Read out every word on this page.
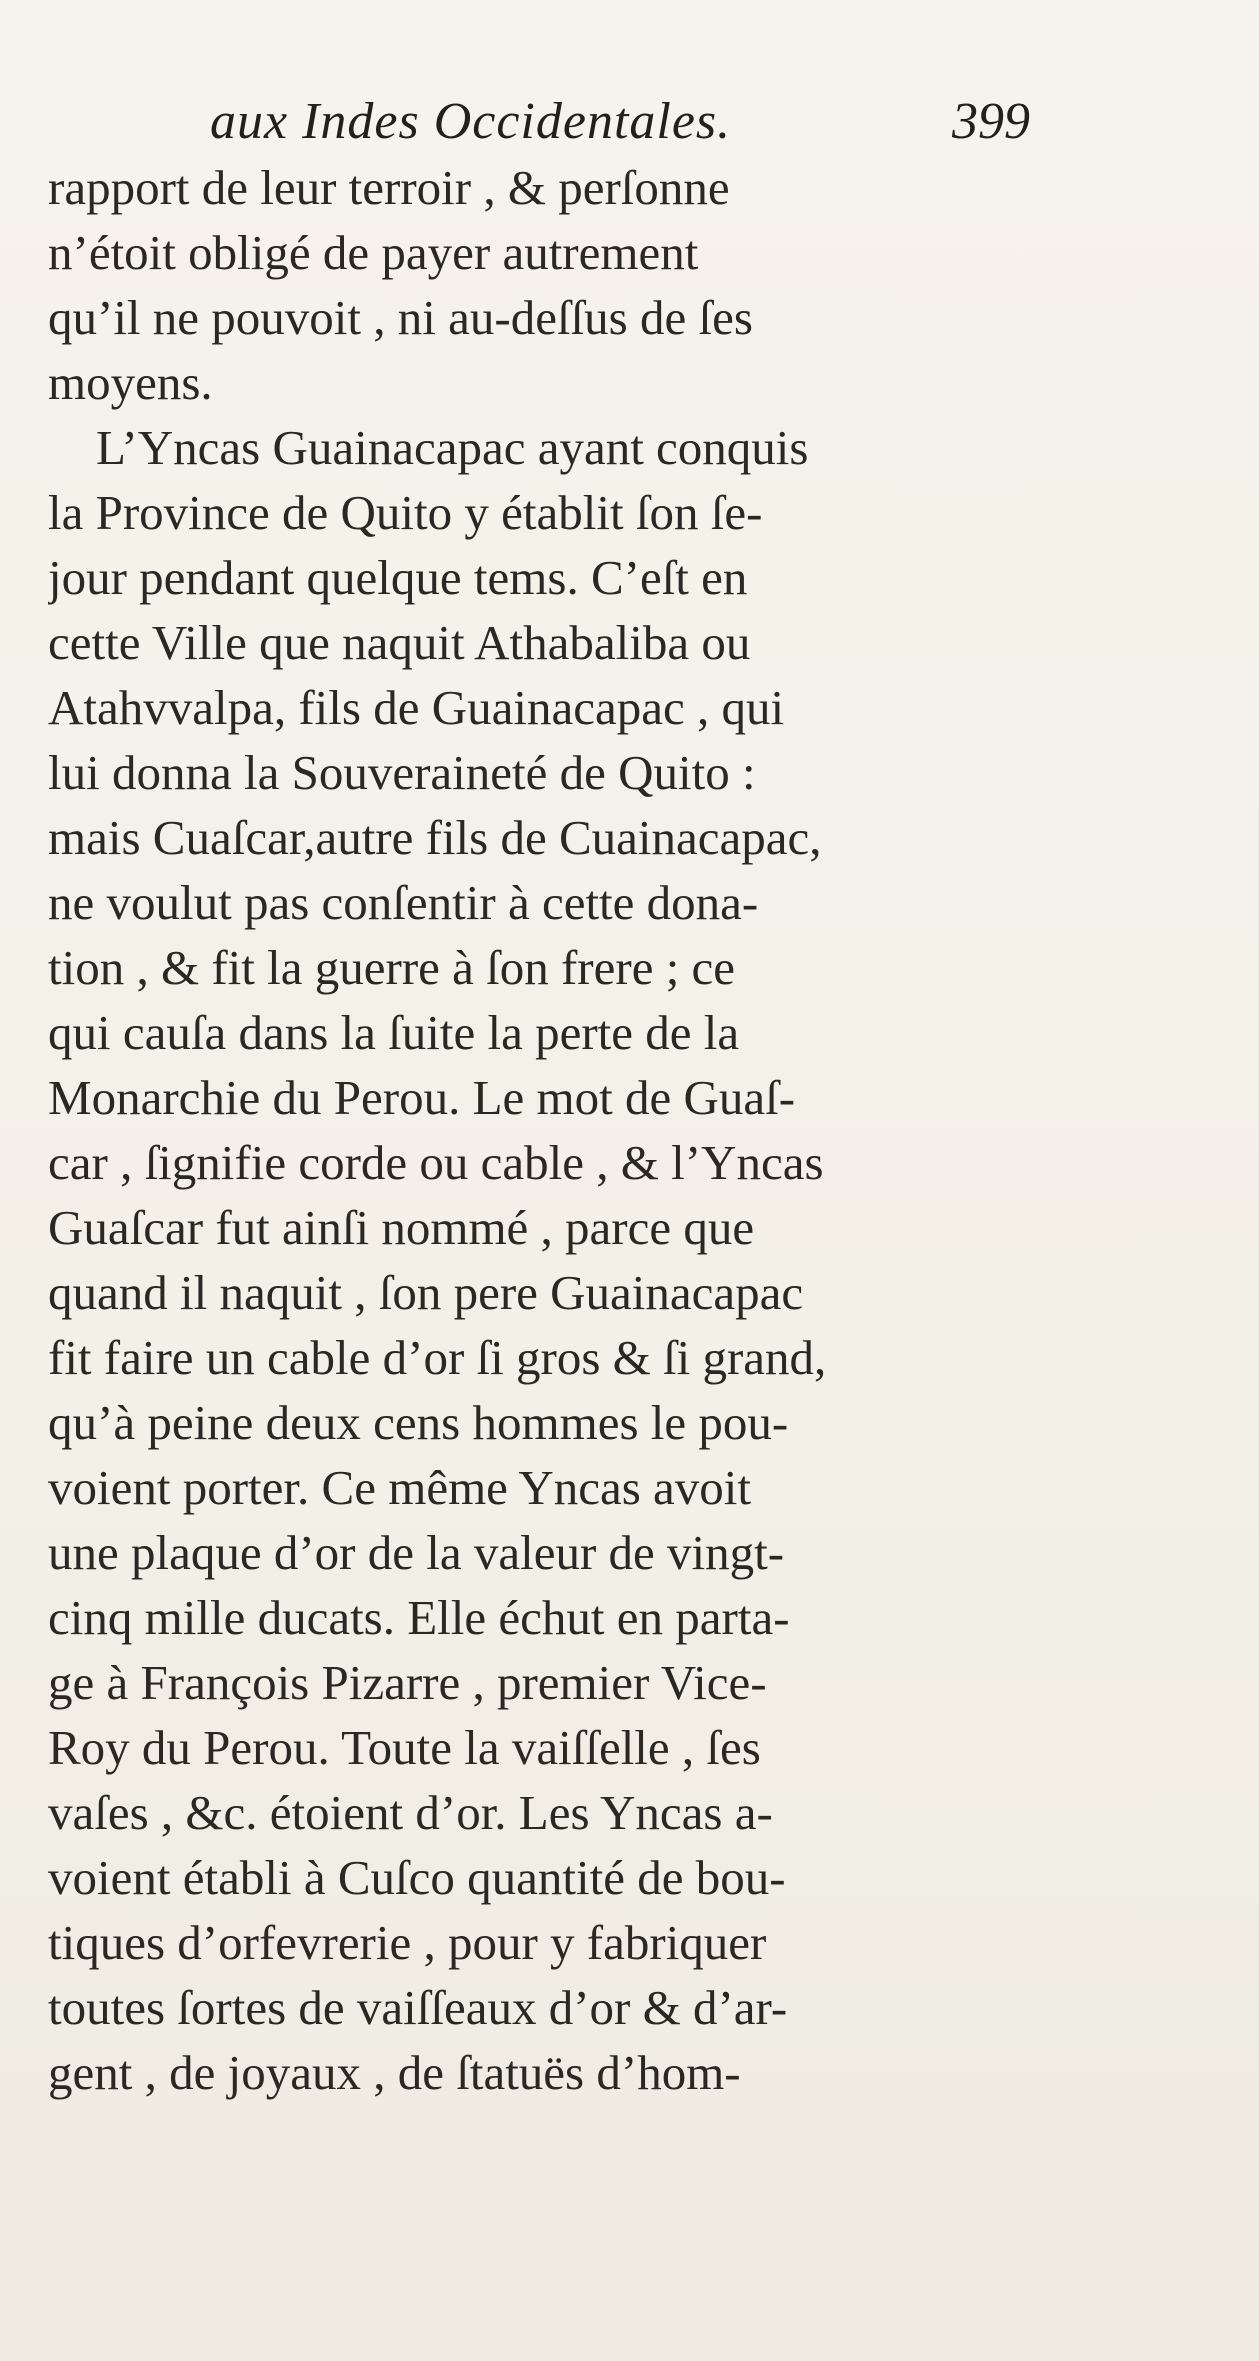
aux Indes Occidentales.	399
rapport de leur terroir , & perſonne
n’étoit obligé de payer autrement
qu’il ne pouvoit , ni au-deſſus de ſes
moyens.
L’Yncas Guainacapac ayant conquis
la Province de Quito y établit ſon ſe-
jour pendant quelque tems. C’eſt en
cette Ville que naquit Athabaliba ou
Atahvvalpa, fils de Guainacapac , qui
lui donna la Souveraineté de Quito :
mais Cuaſcar,autre fils de Cuainacapac,
ne voulut pas conſentir à cette dona-
tion , & fit la guerre à ſon frere ; ce
qui cauſa dans la ſuite la perte de la
Monarchie du Perou. Le mot de Guaſ-
car , ſignifie corde ou cable , & l’Yncas
Guaſcar fut ainſi nommé , parce que
quand il naquit , ſon pere Guainacapac
fit faire un cable d’or ſi gros & ſi grand,
qu’à peine deux cens hommes le pou-
voient porter. Ce même Yncas avoit
une plaque d’or de la valeur de vingt-
cinq mille ducats. Elle échut en parta-
ge à François Pizarre , premier Vice-
Roy du Perou. Toute la vaiſſelle , ſes
vaſes , &c. étoient d’or. Les Yncas a-
voient établi à Cuſco quantité de bou-
tiques d’orfevrerie , pour y fabriquer
toutes ſortes de vaiſſeaux d’or & d’ar-
gent , de joyaux , de ſtatuës d’hom-
